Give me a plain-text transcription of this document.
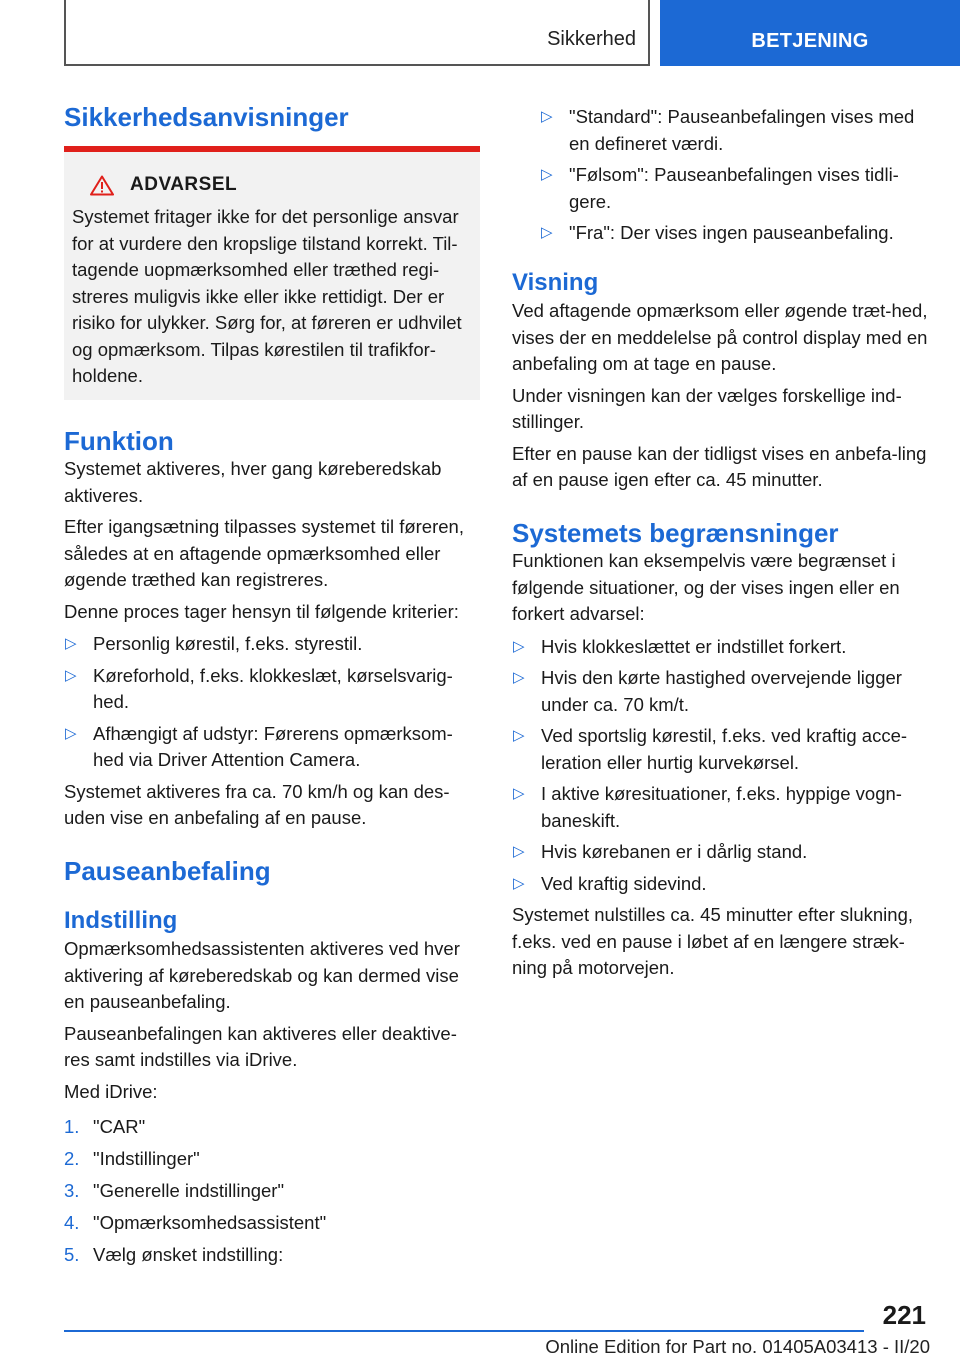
Sikkerhed	BETJENING
Sikkerhedsanvisninger
ADVARSEL

Systemet fritager ikke for det personlige ansvar for at vurdere den kropslige tilstand korrekt. Til-tagende uopmærksomhed eller træthed regi-streres muligvis ikke eller ikke rettidigt. Der er risiko for ulykker. Sørg for, at føreren er udhvilet og opmærksom. Tilpas kørestilen til trafikfor-holdene.

Funktion

Systemet aktiveres, hver gang køreberedskab aktiveres.

Efter igangsætning tilpasses systemet til føreren, således at en aftagende opmærksomhed eller øgende træthed kan registreres.

Denne proces tager hensyn til følgende kriterier:

▷ Personlig kørestil, f.eks. styrestil.
▷ Køreforhold, f.eks. klokkeslæt, kørselsvarig-hed.
▷ Afhængigt af udstyr: Førerens opmærksom-hed via Driver Attention Camera.

Systemet aktiveres fra ca. 70 km/h og kan des-uden vise en anbefaling af en pause.

Pauseanbefaling
Indstilling

Opmærksomhedsassistenten aktiveres ved hver aktivering af køreberedskab og kan dermed vise en pauseanbefaling.

Pauseanbefalingen kan aktiveres eller deaktive-res samt indstilles via iDrive.

Med iDrive:

1. "CAR"
2. "Indstillinger"
3. "Generelle indstillinger"
4. "Opmærksomhedsassistent"
5. Vælg ønsket indstilling:
▷ "Standard": Pauseanbefalingen vises med en defineret værdi.
▷ "Følsom": Pauseanbefalingen vises tidli-gere.
▷ "Fra": Der vises ingen pauseanbefaling.
Visning

Ved aftagende opmærksom eller øgende træt-hed, vises der en meddelelse på control display med en anbefaling om at tage en pause.

Under visningen kan der vælges forskellige ind-stillinger.

Efter en pause kan der tidligst vises en anbefa-ling af en pause igen efter ca. 45 minutter.

Systemets begrænsninger

Funktionen kan eksempelvis være begrænset i følgende situationer, og der vises ingen eller en forkert advarsel:

▷ Hvis klokkeslættet er indstillet forkert.
▷ Hvis den kørte hastighed overvejende ligger under ca. 70 km/t.
▷ Ved sportslig kørestil, f.eks. ved kraftig acce-leration eller hurtig kurvekørsel.
▷ I aktive køresituationer, f.eks. hyppige vogn-baneskift.
▷ Hvis kørebanen er i dårlig stand.
▷ Ved kraftig sidevind.

Systemet nulstilles ca. 45 minutter efter slukning, f.eks. ved en pause i løbet af en længere stræk-ning på motorvejen.

221
Online Edition for Part no. 01405A03413 - II/20
